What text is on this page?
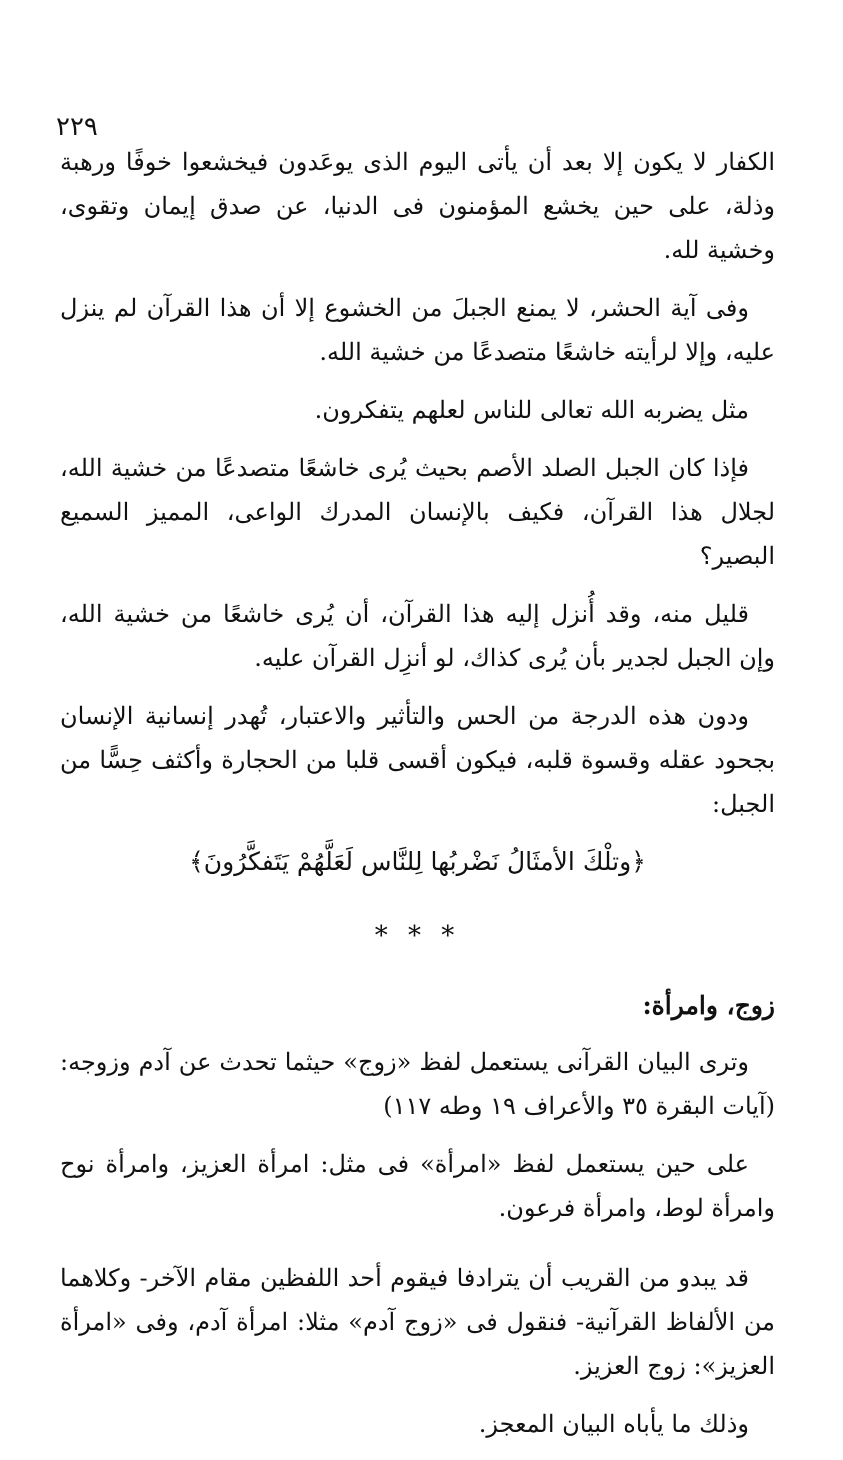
٢٢٩

الكفار لا يكون إلا بعد أن يأتى اليوم الذى يوعَدون فيخشعوا خوفًا ورهبة وذلة، على حين يخشع المؤمنون فى الدنيا، عن صدق إيمان وتقوى، وخشية لله.

وفى آية الحشر، لا يمنع الجبلَ من الخشوع إلا أن هذا القرآن لم ينزل عليه، وإلا لرأيته خاشعًا متصدعًا من خشية الله.

مثل يضربه الله تعالى للناس لعلهم يتفكرون.

فإذا كان الجبل الصلد الأصم بحيث يُرى خاشعًا متصدعًا من خشية الله، لجلال هذا القرآن، فكيف بالإنسان المدرك الواعى، المميز السميع البصير؟

قليل منه، وقد أُنزل إليه هذا القرآن، أن يُرى خاشعًا من خشية الله، وإن الجبل لجدير بأن يُرى كذاك، لو أنزِل القرآن عليه.

ودون هذه الدرجة من الحس والتأثير والاعتبار، تُهدر إنسانية الإنسان بجحود عقله وقسوة قلبه، فيكون أقسى قلبا من الحجارة وأكثف حِسًّا من الجبل:

﴿وتلْكَ الأمثَالُ نَضْربُها لِلنَّاس لَعَلَّهُمْ يَتَفكَّرُونَ﴾

* * *

زوج، وامرأة:

وترى البيان القرآنى يستعمل لفظ «زوج» حيثما تحدث عن آدم وزوجه: (آيات البقرة ٣٥ والأعراف ١٩ وطه ١١٧)

على حين يستعمل لفظ «امرأة» فى مثل: امرأة العزيز، وامرأة نوح وامرأة لوط، وامرأة فرعون.

قد يبدو من القريب أن يترادفا فيقوم أحد اللفظين مقام الآخر- وكلاهما من الألفاظ القرآنية- فنقول فى «زوج آدم» مثلا: امرأة آدم، وفى «امرأة العزيز»: زوج العزيز.

وذلك ما يأباه البيان المعجز.
